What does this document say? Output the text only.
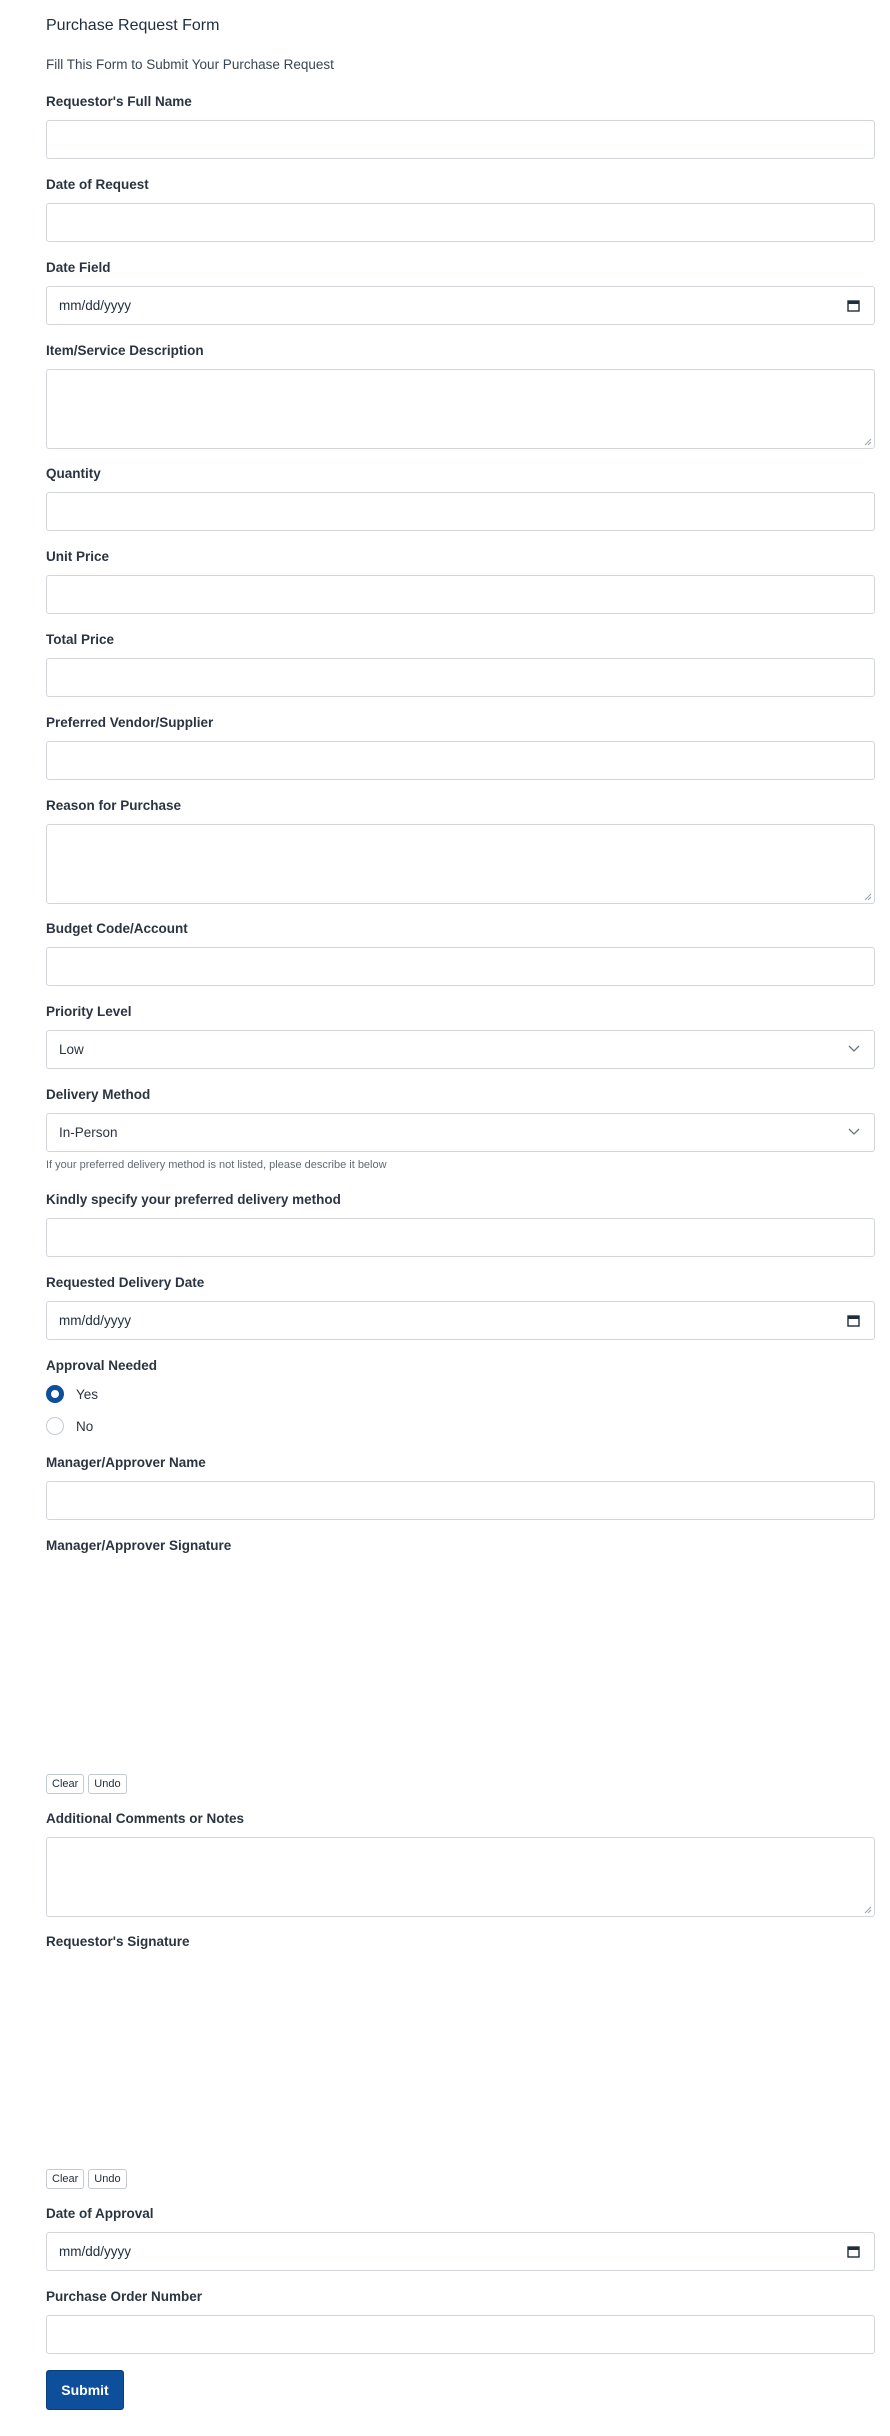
Purchase Request Form
Fill This Form to Submit Your Purchase Request
Requestor's Full Name
Date of Request
Date Field
mm/dd/yyyy
Item/Service Description
Quantity
Unit Price
Total Price
Preferred Vendor/Supplier
Reason for Purchase
Budget Code/Account
Priority Level
Low
Delivery Method
In-Person
If your preferred delivery method is not listed, please describe it below
Kindly specify your preferred delivery method
Requested Delivery Date
mm/dd/yyyy
Approval Needed
Yes
No
Manager/Approver Name
Manager/Approver Signature
Clear	Undo
Additional Comments or Notes
Requestor's Signature
Clear	Undo
Date of Approval
mm/dd/yyyy
Purchase Order Number
Submit
